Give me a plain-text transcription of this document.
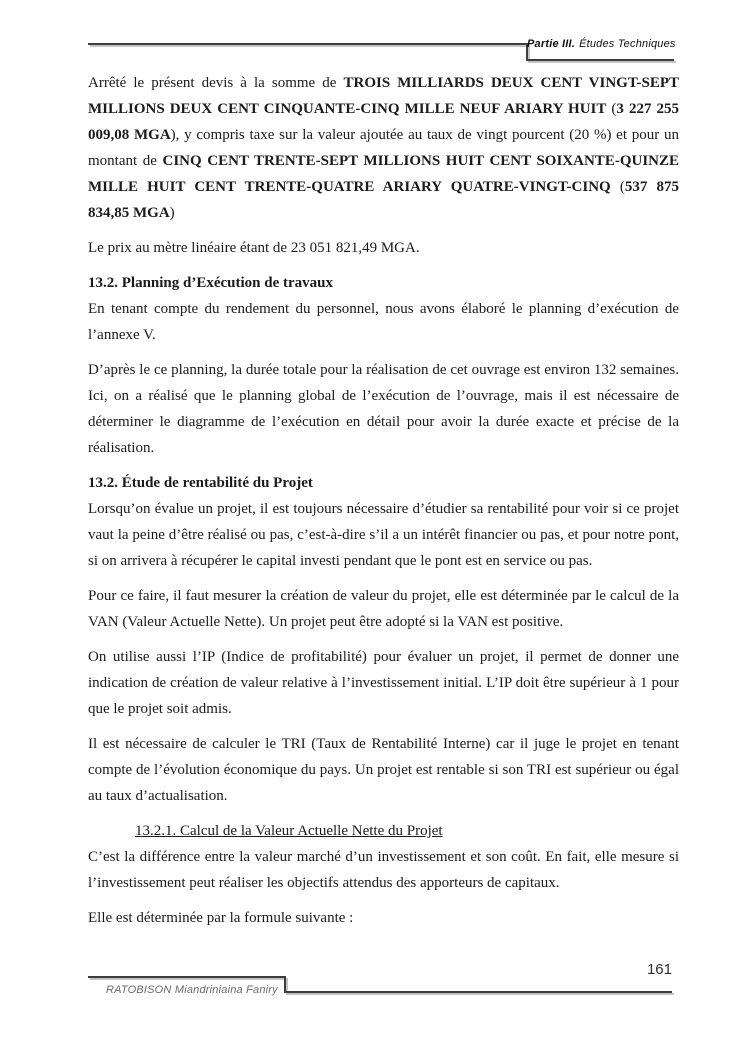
Partie III. Études Techniques
Arrêté le présent devis à la somme de TROIS MILLIARDS DEUX CENT VINGT-SEPT MILLIONS DEUX CENT CINQUANTE-CINQ MILLE NEUF ARIARY HUIT (3 227 255 009,08 MGA), y compris taxe sur la valeur ajoutée au taux de vingt pourcent (20 %) et pour un montant de CINQ CENT TRENTE-SEPT MILLIONS HUIT CENT SOIXANTE-QUINZE MILLE HUIT CENT TRENTE-QUATRE ARIARY QUATRE-VINGT-CINQ (537 875 834,85 MGA)
Le prix au mètre linéaire étant de 23 051 821,49 MGA.
13.2. Planning d’Exécution de travaux
En tenant compte du rendement du personnel, nous avons élaboré le planning d’exécution de l’annexe V.
D’après le ce planning, la durée totale pour la réalisation de cet ouvrage est environ 132 semaines. Ici, on a réalisé que le planning global de l’exécution de l’ouvrage, mais il est nécessaire de déterminer le diagramme de l’exécution en détail pour avoir la durée exacte et précise de la réalisation.
13.2. Étude de rentabilité du Projet
Lorsqu’on évalue un projet, il est toujours nécessaire d’étudier sa rentabilité pour voir si ce projet vaut la peine d’être réalisé ou pas, c’est-à-dire s’il a un intérêt financier ou pas, et pour notre pont, si on arrivera à récupérer le capital investi pendant que le pont est en service ou pas.
Pour ce faire, il faut mesurer la création de valeur du projet, elle est déterminée par le calcul de la VAN (Valeur Actuelle Nette). Un projet peut être adopté si la VAN est positive.
On utilise aussi l’IP (Indice de profitabilité) pour évaluer un projet, il permet de donner une indication de création de valeur relative à l’investissement initial. L’IP doit être supérieur à 1 pour que le projet soit admis.
Il est nécessaire de calculer le TRI (Taux de Rentabilité Interne) car il juge le projet en tenant compte de l’évolution économique du pays. Un projet est rentable si son TRI est supérieur ou égal au taux d’actualisation.
13.2.1. Calcul de la Valeur Actuelle Nette du Projet
C’est la différence entre la valeur marché d’un investissement et son coût. En fait, elle mesure si l’investissement peut réaliser les objectifs attendus des apporteurs de capitaux.
Elle est déterminée par la formule suivante :
RATOBISON Miandriniaina Faniry
161
